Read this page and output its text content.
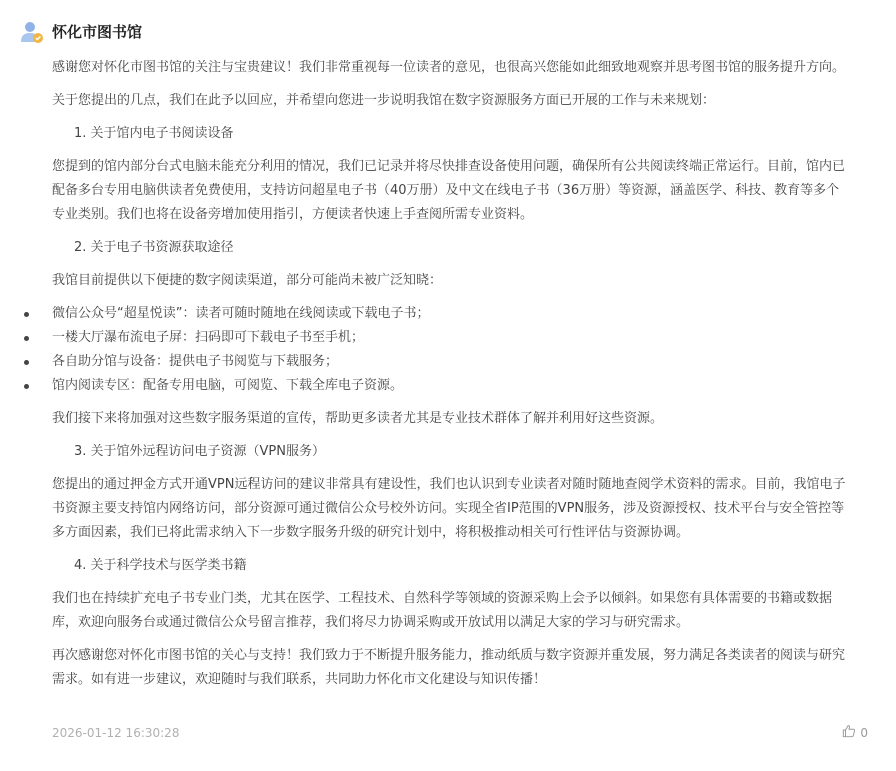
怀化市图书馆

感谢您对怀化市图书馆的关注与宝贵建议！我们非常重视每一位读者的意见，也很高兴您能如此细致地观察并思考图书馆的服务提升方向。

关于您提出的几点，我们在此予以回应，并希望向您进一步说明我馆在数字资源服务方面已开展的工作与未来规划：

1. 关于馆内电子书阅读设备

您提到的馆内部分台式电脑未能充分利用的情况，我们已记录并将尽快排查设备使用问题，确保所有公共阅读终端正常运行。目前，馆内已配备多台专用电脑供读者免费使用，支持访问超星电子书（40万册）及中文在线电子书（36万册）等资源，涵盖医学、科技、教育等多个专业类别。我们也将在设备旁增加使用指引，方便读者快速上手查阅所需专业资料。

2. 关于电子书资源获取途径

我馆目前提供以下便捷的数字阅读渠道，部分可能尚未被广泛知晓：

微信公众号“超星悦读”：读者可随时随地在线阅读或下载电子书；
一楼大厅瀑布流电子屏：扫码即可下载电子书至手机；
各自助分馆与设备：提供电子书阅览与下载服务；
馆内阅读专区：配备专用电脑，可阅览、下载全库电子资源。

我们接下来将加强对这些数字服务渠道的宣传，帮助更多读者尤其是专业技术群体了解并利用好这些资源。

3. 关于馆外远程访问电子资源（VPN服务）

您提出的通过押金方式开通VPN远程访问的建议非常具有建设性，我们也认识到专业读者对随时随地查阅学术资料的需求。目前，我馆电子书资源主要支持馆内网络访问，部分资源可通过微信公众号校外访问。实现全省IP范围的VPN服务，涉及资源授权、技术平台与安全管控等多方面因素，我们已将此需求纳入下一步数字服务升级的研究计划中，将积极推动相关可行性评估与资源协调。

4. 关于科学技术与医学类书籍

我们也在持续扩充电子书专业门类，尤其在医学、工程技术、自然科学等领域的资源采购上会予以倾斜。如果您有具体需要的书籍或数据库，欢迎向服务台或通过微信公众号留言推荐，我们将尽力协调采购或开放试用以满足大家的学习与研究需求。

再次感谢您对怀化市图书馆的关心与支持！我们致力于不断提升服务能力，推动纸质与数字资源并重发展，努力满足各类读者的阅读与研究需求。如有进一步建议，欢迎随时与我们联系，共同助力怀化市文化建设与知识传播！

2026-01-12 16:30:28	0
